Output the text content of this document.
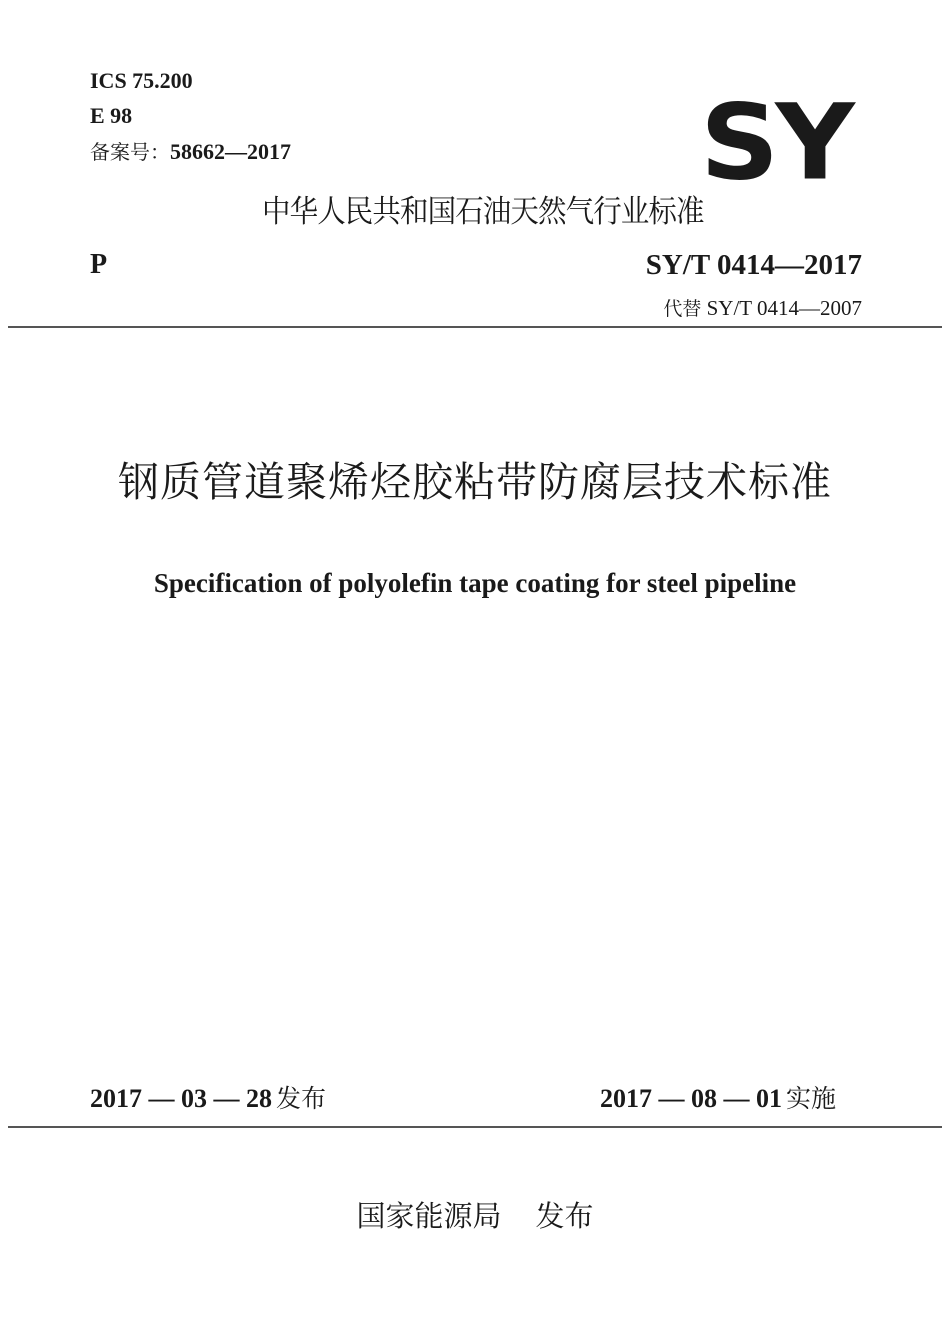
ICS 75.200
E 98
备案号：58662—2017	SY
中华人民共和国石油天然气行业标准
P	SY/T 0414—2017
代替 SY/T 0414—2007
钢质管道聚烯烃胶粘带防腐层技术标准
Specification of polyolefin tape coating for steel pipeline
2017 — 03 — 28 发布	2017 — 08 — 01 实施
国家能源局 发布
